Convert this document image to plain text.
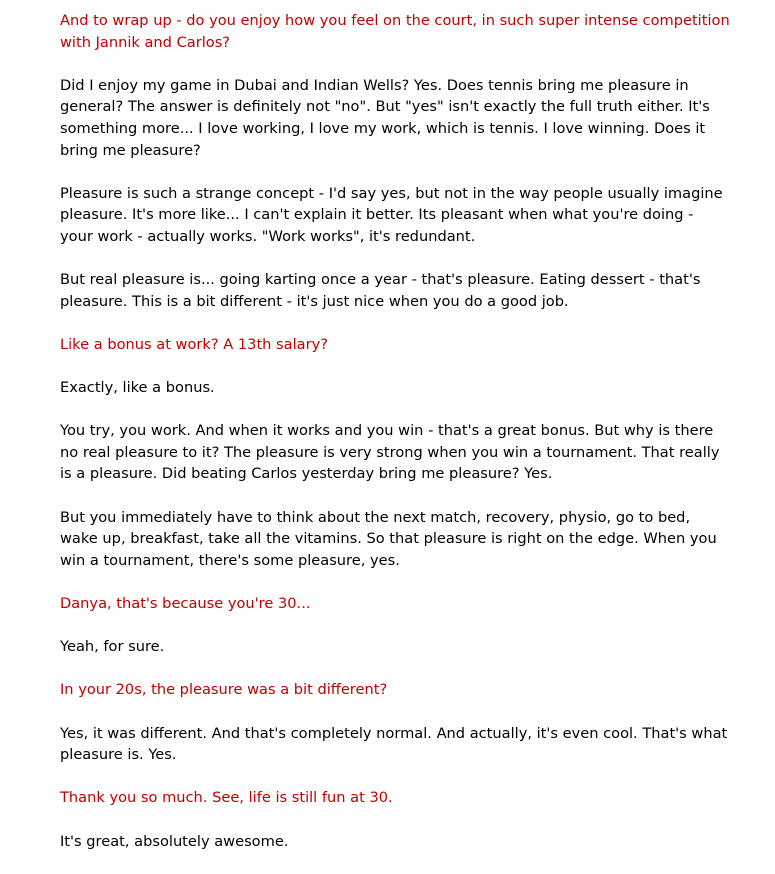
And to wrap up - do you enjoy how you feel on the court, in such super intense competition with Jannik and Carlos?

Did I enjoy my game in Dubai and Indian Wells? Yes. Does tennis bring me pleasure in general? The answer is definitely not "no". But "yes" isn't exactly the full truth either. It's something more... I love working, I love my work, which is tennis. I love winning. Does it bring me pleasure?

Pleasure is such a strange concept - I'd say yes, but not in the way people usually imagine pleasure. It's more like... I can't explain it better. Its pleasant when what you're doing - your work - actually works. "Work works", it's redundant.

But real pleasure is... going karting once a year - that's pleasure. Eating dessert - that's pleasure. This is a bit different - it's just nice when you do a good job.

Like a bonus at work? A 13th salary?

Exactly, like a bonus.

You try, you work. And when it works and you win - that's a great bonus. But why is there no real pleasure to it? The pleasure is very strong when you win a tournament. That really is a pleasure. Did beating Carlos yesterday bring me pleasure? Yes.

But you immediately have to think about the next match, recovery, physio, go to bed, wake up, breakfast, take all the vitamins. So that pleasure is right on the edge. When you win a tournament, there's some pleasure, yes.

Danya, that's because you're 30...

Yeah, for sure.

In your 20s, the pleasure was a bit different?

Yes, it was different. And that's completely normal. And actually, it's even cool. That's what pleasure is. Yes.

Thank you so much. See, life is still fun at 30.

It's great, absolutely awesome.
